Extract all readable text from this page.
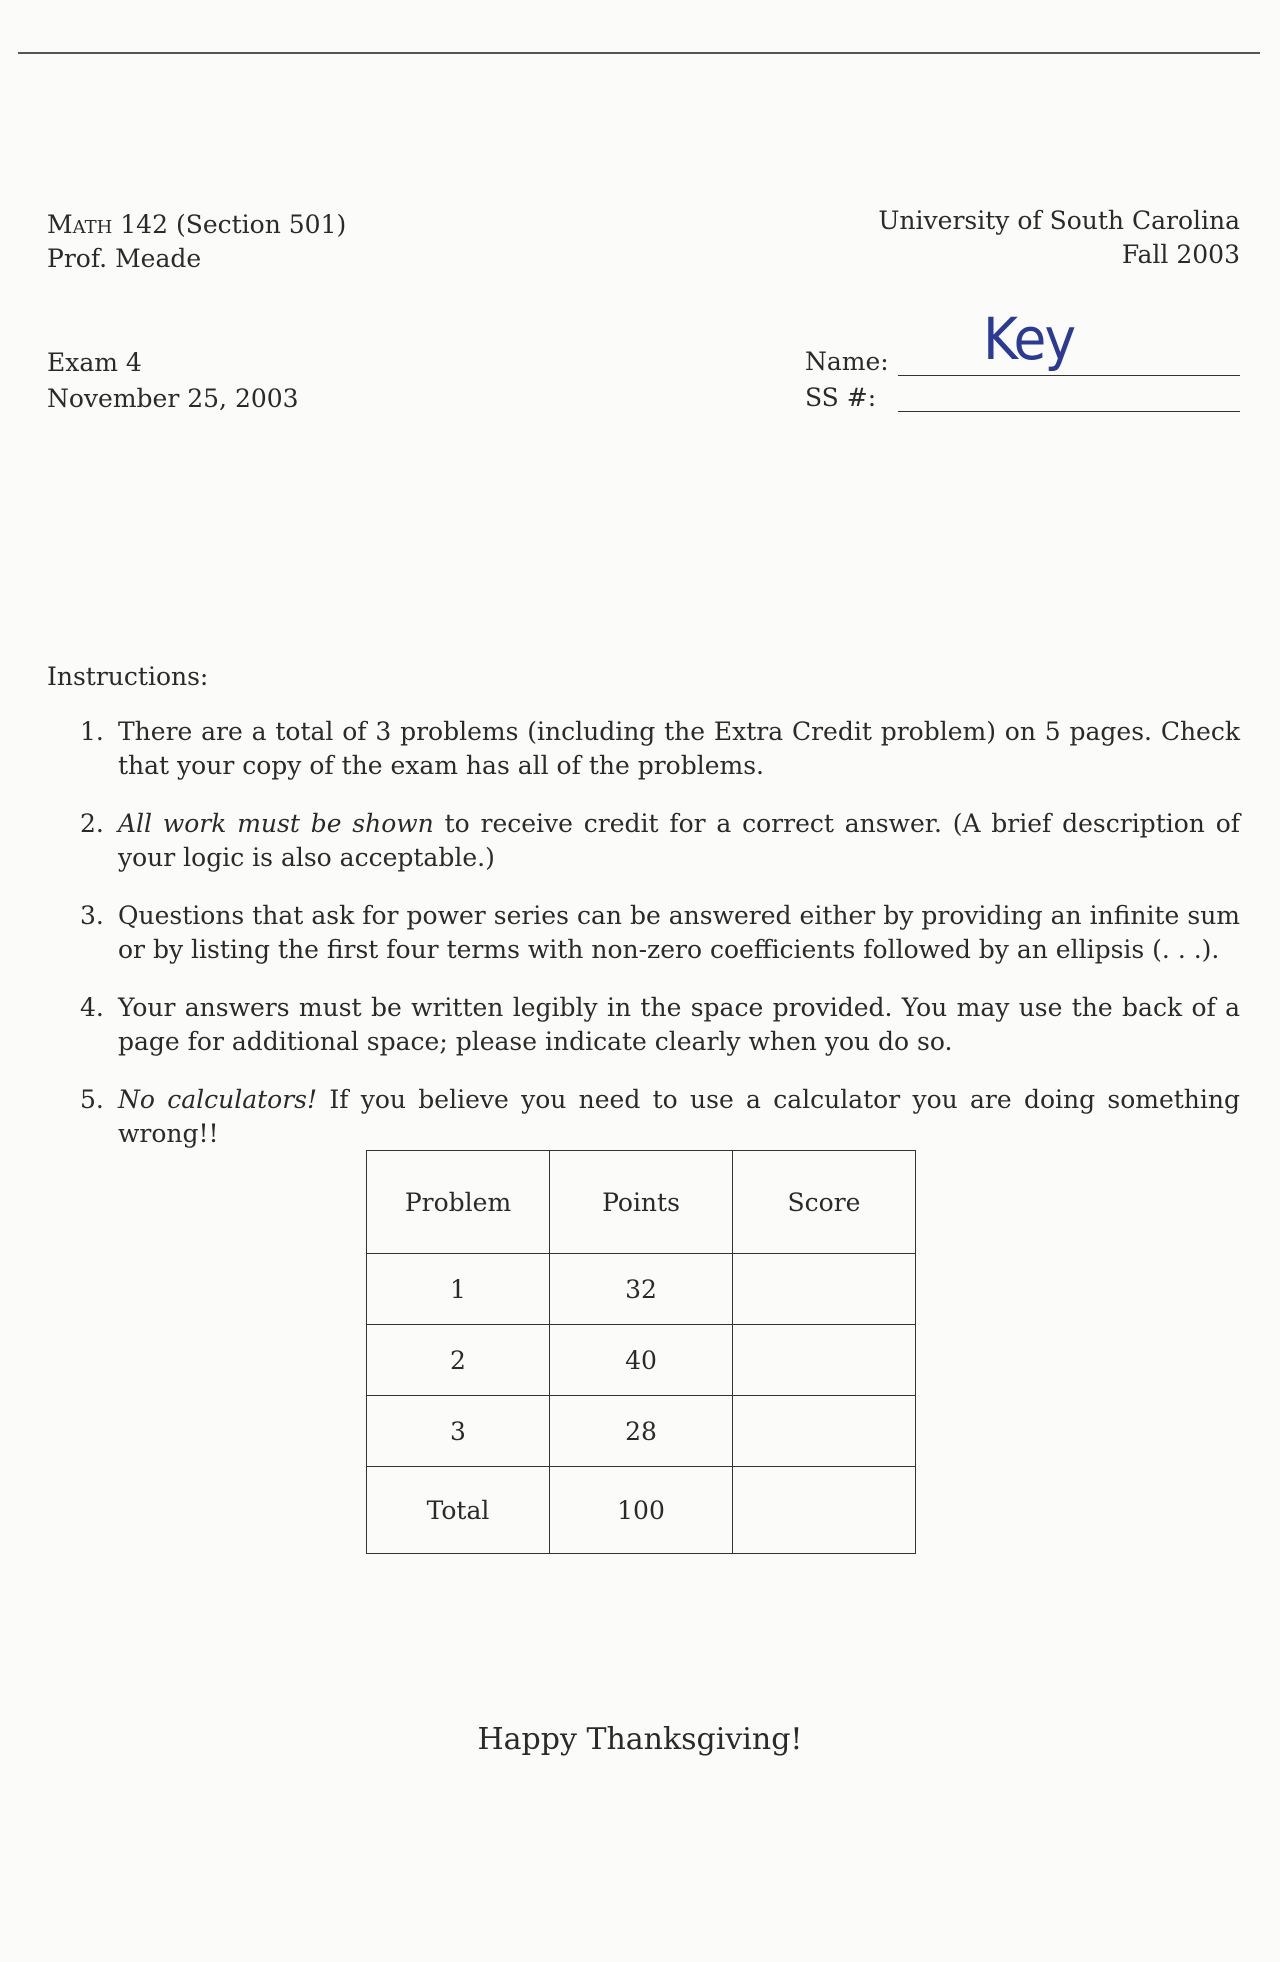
Math 142 (Section 501)
Prof. Meade
University of South Carolina
Fall 2003
Exam 4
November 25, 2003
Name: Key
SS #:
Instructions:
1. There are a total of 3 problems (including the Extra Credit problem) on 5 pages. Check that your copy of the exam has all of the problems.
2. All work must be shown to receive credit for a correct answer. (A brief description of your logic is also acceptable.)
3. Questions that ask for power series can be answered either by providing an infinite sum or by listing the first four terms with non-zero coefficients followed by an ellipsis (. . .).
4. Your answers must be written legibly in the space provided. You may use the back of a page for additional space; please indicate clearly when you do so.
5. No calculators! If you believe you need to use a calculator you are doing something wrong!!
Problem	Points	Score
1	32	
2	40	
3	28	
Total	100	
Happy Thanksgiving!
